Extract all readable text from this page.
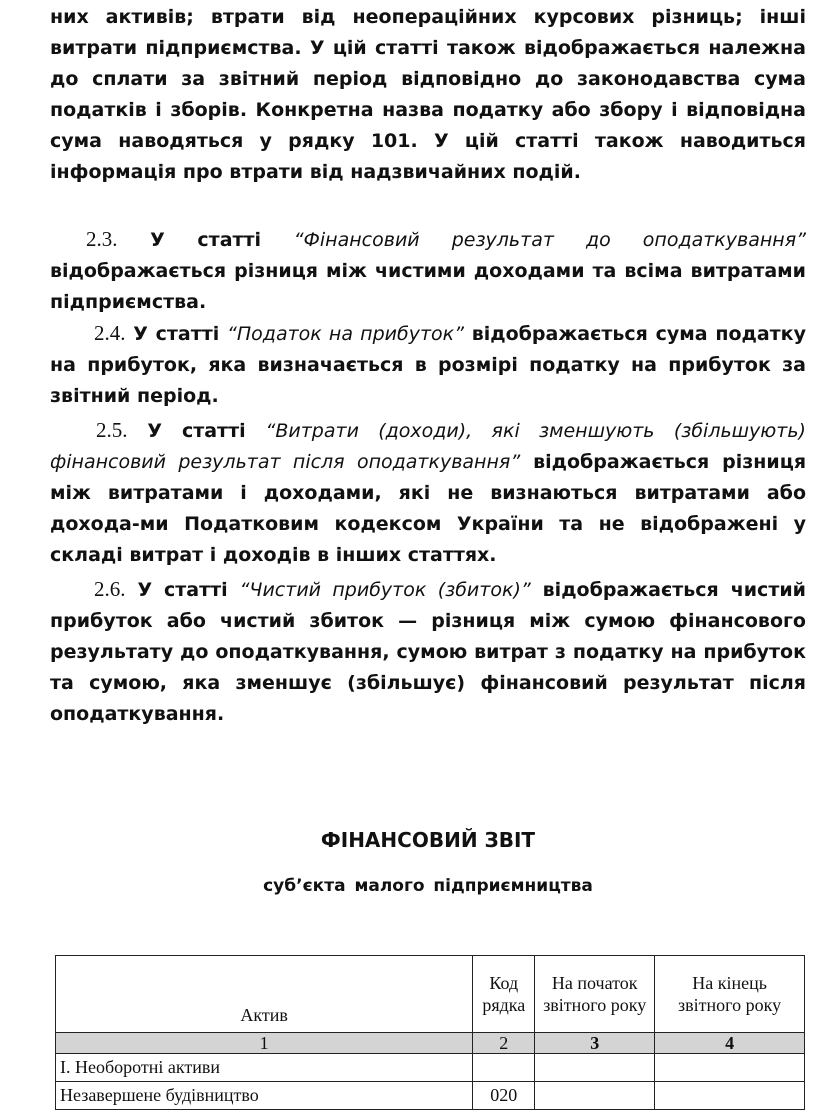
них активів; втрати від неопераційних курсових різниць; інші витрати підприємства. У цій статті також відображається належна до сплати за звітний період відповідно до законодавства сума податків і зборів. Конкретна назва податку або збору і відповідна сума наводяться у рядку 101. У цій статті також наводиться інформація про втрати від надзвичайних подій.
2.3. У статті “Фінансовий результат до оподаткування” відображається різниця між чистими доходами та всіма витратами підприємства.
2.4. У статті “Податок на прибуток” відображається сума податку на прибуток, яка визначається в розмірі податку на прибуток за звітний період.
2.5. У статті “Витрати (доходи), які зменшують (збільшують) фінансовий результат після оподаткування” відображається різниця між витратами і доходами, які не визнаються витратами або дохода-ми Податковим кодексом України та не відображені у складі витрат і доходів в інших статтях.
2.6. У статті “Чистий прибуток (збиток)” відображається чистий прибуток або чистий збиток — різниця між сумою фінансового результату до оподаткування, сумою витрат з податку на прибуток та сумою, яка зменшує (збільшує) фінансовий результат після оподаткування.
ФІНАНСОВИЙ ЗВІТ
суб’єкта малого підприємництва
Актив	Код рядка	На початок звітного року	На кінець звітного року
1	2	3	4
I. Необоротні активи			
Незавершене будівництво	020		
